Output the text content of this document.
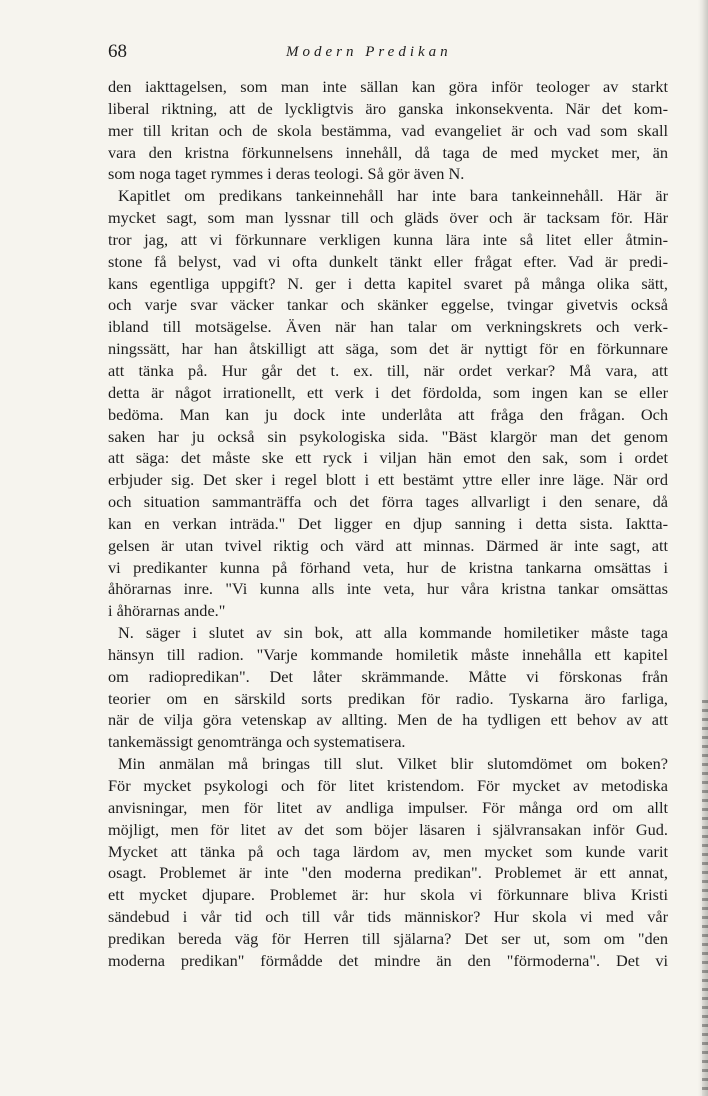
68	Modern Predikan
den iakttagelsen, som man inte sällan kan göra inför teologer av starkt
liberal riktning, att de lyckligtvis äro ganska inkonsekventa. När det kom-
mer till kritan och de skola bestämma, vad evangeliet är och vad som skall
vara den kristna förkunnelsens innehåll, då taga de med mycket mer, än
som noga taget rymmes i deras teologi. Så gör även N.
Kapitlet om predikans tankeinnehåll har inte bara tankeinnehåll. Här är
mycket sagt, som man lyssnar till och gläds över och är tacksam för. Här
tror jag, att vi förkunnare verkligen kunna lära inte så litet eller åtmin-
stone få belyst, vad vi ofta dunkelt tänkt eller frågat efter. Vad är predi-
kans egentliga uppgift? N. ger i detta kapitel svaret på många olika sätt,
och varje svar väcker tankar och skänker eggelse, tvingar givetvis också
ibland till motsägelse. Även när han talar om verkningskrets och verk-
ningssätt, har han åtskilligt att säga, som det är nyttigt för en förkunnare
att tänka på. Hur går det t. ex. till, när ordet verkar? Må vara, att
detta är något irrationellt, ett verk i det fördolda, som ingen kan se eller
bedöma. Man kan ju dock inte underlåta att fråga den frågan. Och
saken har ju också sin psykologiska sida. "Bäst klargör man det genom
att säga: det måste ske ett ryck i viljan hän emot den sak, som i ordet
erbjuder sig. Det sker i regel blott i ett bestämt yttre eller inre läge. När ord
och situation sammanträffa och det förra tages allvarligt i den senare, då
kan en verkan inträda." Det ligger en djup sanning i detta sista. Iaktta-
gelsen är utan tvivel riktig och värd att minnas. Därmed är inte sagt, att
vi predikanter kunna på förhand veta, hur de kristna tankarna omsättas i
åhörarnas inre. "Vi kunna alls inte veta, hur våra kristna tankar omsättas
i åhörarnas ande."
N. säger i slutet av sin bok, att alla kommande homiletiker måste taga
hänsyn till radion. "Varje kommande homiletik måste innehålla ett kapitel
om radiopredikan". Det låter skrämmande. Måtte vi förskonas från
teorier om en särskild sorts predikan för radio. Tyskarna äro farliga,
när de vilja göra vetenskap av allting. Men de ha tydligen ett behov av att
tankemässigt genomtränga och systematisera.
Min anmälan må bringas till slut. Vilket blir slutomdömet om boken?
För mycket psykologi och för litet kristendom. För mycket av metodiska
anvisningar, men för litet av andliga impulser. För många ord om allt
möjligt, men för litet av det som böjer läsaren i självransakan inför Gud.
Mycket att tänka på och taga lärdom av, men mycket som kunde varit
osagt. Problemet är inte "den moderna predikan". Problemet är ett annat,
ett mycket djupare. Problemet är: hur skola vi förkunnare bliva Kristi
sändebud i vår tid och till vår tids människor? Hur skola vi med vår
predikan bereda väg för Herren till själarna? Det ser ut, som om "den
moderna predikan" förmådde det mindre än den "förmoderna". Det vi
